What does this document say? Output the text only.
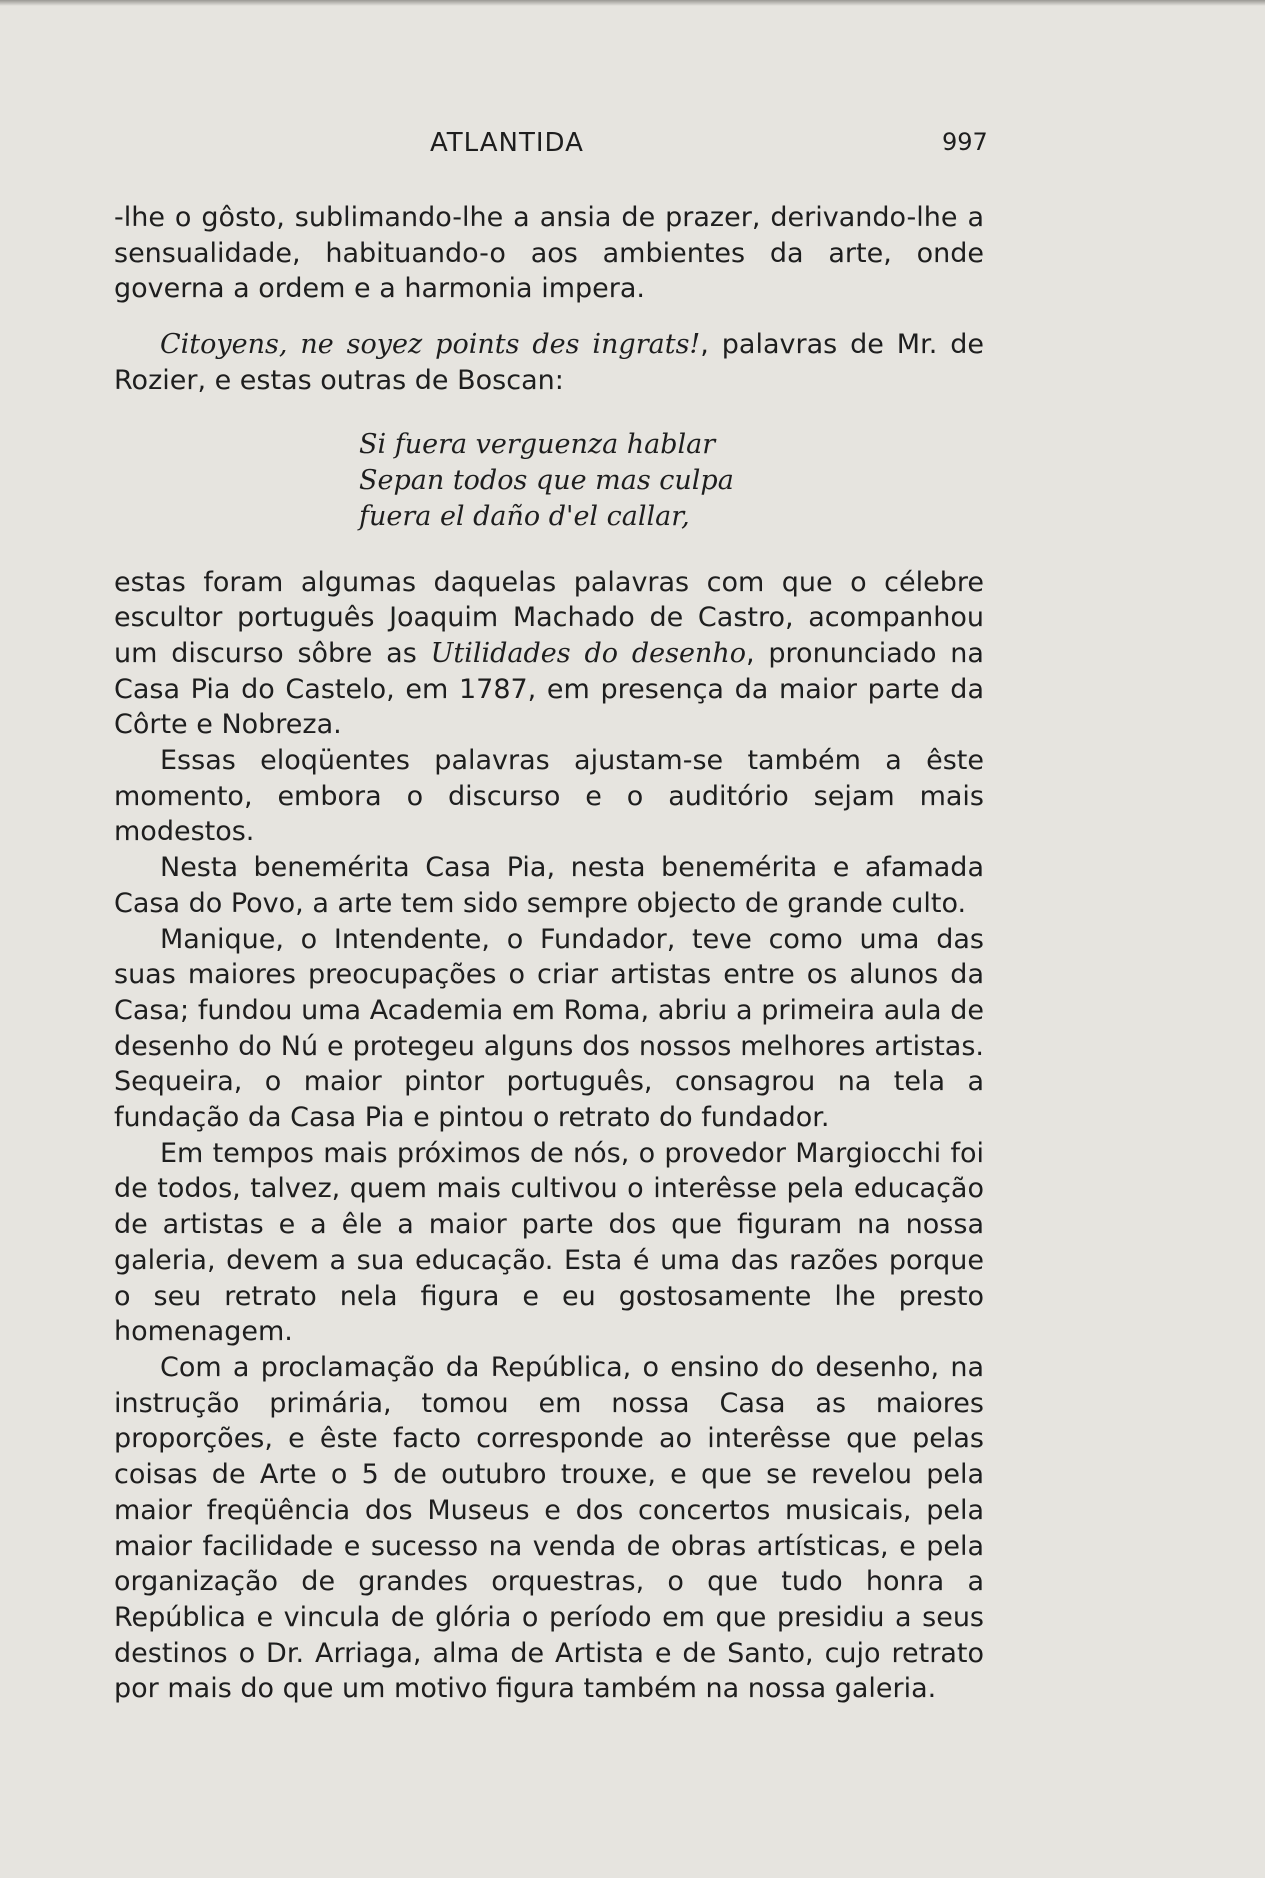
ATLANTIDA	997

-lhe o gôsto, sublimando-lhe a ansia de prazer, derivando-lhe a sensualidade, habituando-o aos ambientes da arte, onde governa a ordem e a harmonia impera.

Citoyens, ne soyez points des ingrats!, palavras de Mr. de Rozier, e estas outras de Boscan:

Si fuera verguenza hablar
Sepan todos que mas culpa
fuera el daño d'el callar,

estas foram algumas daquelas palavras com que o célebre escultor português Joaquim Machado de Castro, acompanhou um discurso sôbre as Utilidades do desenho, pronunciado na Casa Pia do Castelo, em 1787, em presença da maior parte da Côrte e Nobreza.

Essas eloqüentes palavras ajustam-se também a êste momento, embora o discurso e o auditório sejam mais modestos.

Nesta benemérita Casa Pia, nesta benemérita e afamada Casa do Povo, a arte tem sido sempre objecto de grande culto.

Manique, o Intendente, o Fundador, teve como uma das suas maiores preocupações o criar artistas entre os alunos da Casa; fundou uma Academia em Roma, abriu a primeira aula de desenho do Nú e protegeu alguns dos nossos melhores artistas. Sequeira, o maior pintor português, consagrou na tela a fundação da Casa Pia e pintou o retrato do fundador.

Em tempos mais próximos de nós, o provedor Margiocchi foi de todos, talvez, quem mais cultivou o interêsse pela educação de artistas e a êle a maior parte dos que figuram na nossa galeria, devem a sua educação. Esta é uma das razões porque o seu retrato nela figura e eu gostosamente lhe presto homenagem.

Com a proclamação da República, o ensino do desenho, na instrução primária, tomou em nossa Casa as maiores proporções, e êste facto corresponde ao interêsse que pelas coisas de Arte o 5 de outubro trouxe, e que se revelou pela maior freqüência dos Museus e dos concertos musicais, pela maior facilidade e sucesso na venda de obras artísticas, e pela organização de grandes orquestras, o que tudo honra a República e vincula de glória o período em que presidiu a seus destinos o Dr. Arriaga, alma de Artista e de Santo, cujo retrato por mais do que um motivo figura também na nossa galeria.
